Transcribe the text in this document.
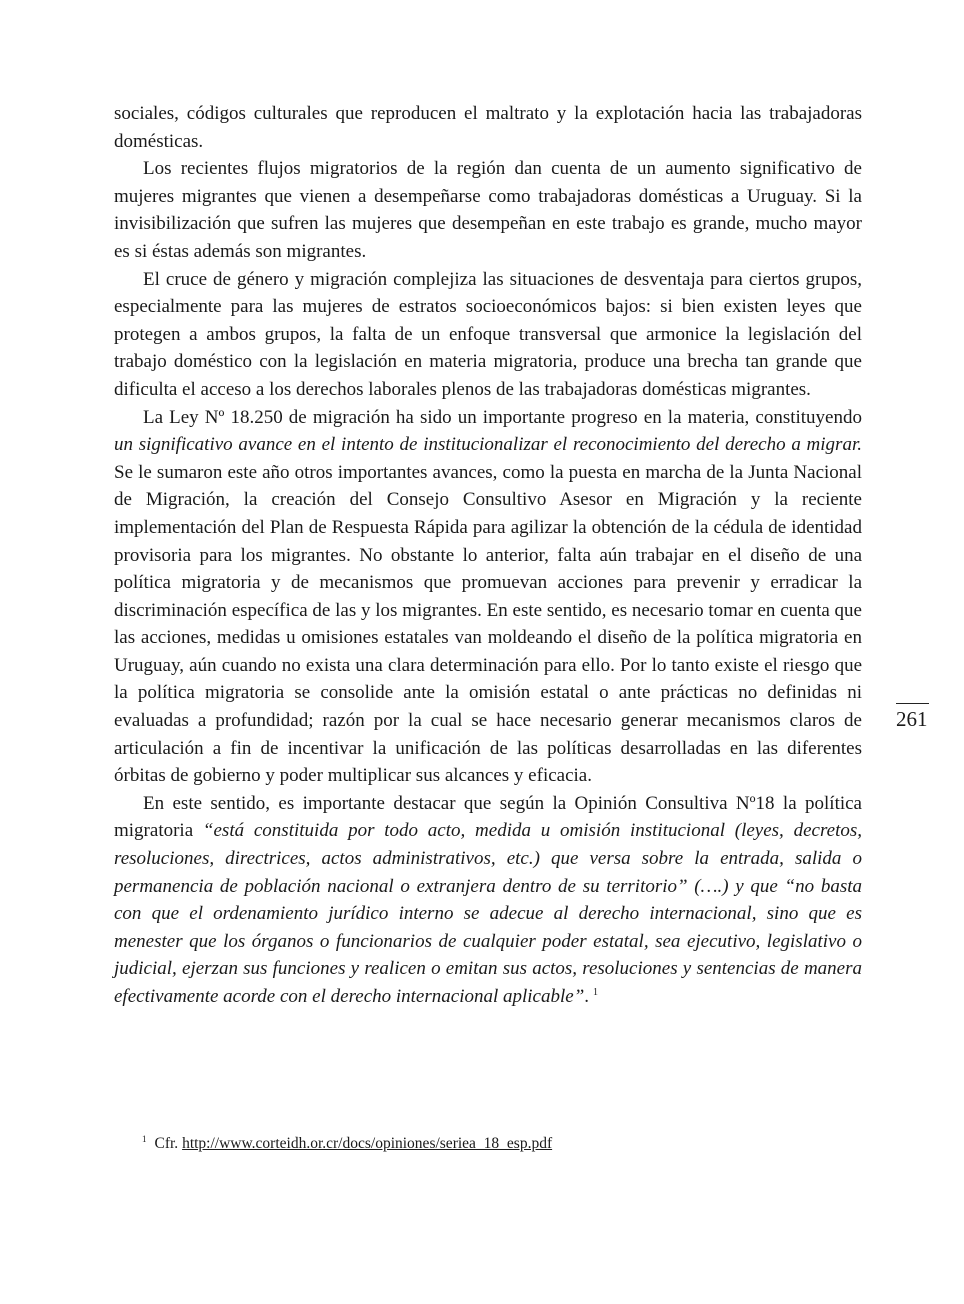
sociales, códigos culturales que reproducen el maltrato y la explotación hacia las trabajadoras domésticas.

Los recientes flujos migratorios de la región dan cuenta de un aumento significativo de mujeres migrantes que vienen a desempeñarse como trabajadoras domésticas a Uruguay. Si la invisibilización que sufren las mujeres que desempeñan en este trabajo es grande, mucho mayor es si éstas además son migrantes.

El cruce de género y migración complejiza las situaciones de desventaja para ciertos grupos, especialmente para las mujeres de estratos socioeconómicos bajos: si bien existen leyes que protegen a ambos grupos, la falta de un enfoque transversal que armonice la legislación del trabajo doméstico con la legislación en materia migratoria, produce una brecha tan grande que dificulta el acceso a los derechos laborales plenos de las trabajadoras domésticas migrantes.

La Ley Nº 18.250 de migración ha sido un importante progreso en la materia, constituyendo un significativo avance en el intento de institucionalizar el reconocimiento del derecho a migrar. Se le sumaron este año otros importantes avances, como la puesta en marcha de la Junta Nacional de Migración, la creación del Consejo Consultivo Asesor en Migración y la reciente implementación del Plan de Respuesta Rápida para agilizar la obtención de la cédula de identidad provisoria para los migrantes. No obstante lo anterior, falta aún trabajar en el diseño de una política migratoria y de mecanismos que promuevan acciones para prevenir y erradicar la discriminación específica de las y los migrantes. En este sentido, es necesario tomar en cuenta que las acciones, medidas u omisiones estatales van moldeando el diseño de la política migratoria en Uruguay, aún cuando no exista una clara determinación para ello. Por lo tanto existe el riesgo que la política migratoria se consolide ante la omisión estatal o ante prácticas no definidas ni evaluadas a profundidad; razón por la cual se hace necesario generar mecanismos claros de articulación a fin de incentivar la unificación de las políticas desarrolladas en las diferentes órbitas de gobierno y poder multiplicar sus alcances y eficacia.

En este sentido, es importante destacar que según la Opinión Consultiva Nº18 la política migratoria “está constituida por todo acto, medida u omisión institucional (leyes, decretos, resoluciones, directrices, actos administrativos, etc.) que versa sobre la entrada, salida o permanencia de población nacional o extranjera dentro de su territorio” (….) y que “no basta con que el ordenamiento jurídico interno se adecue al derecho internacional, sino que es menester que los órganos o funcionarios de cualquier poder estatal, sea ejecutivo, legislativo o judicial, ejerzan sus funciones y realicen o emitan sus actos, resoluciones y sentencias de manera efectivamente acorde con el derecho internacional aplicable”. $^1$

$^1$ Cfr. http://www.corteidh.or.cr/docs/opiniones/seriea_18_esp.pdf
261
